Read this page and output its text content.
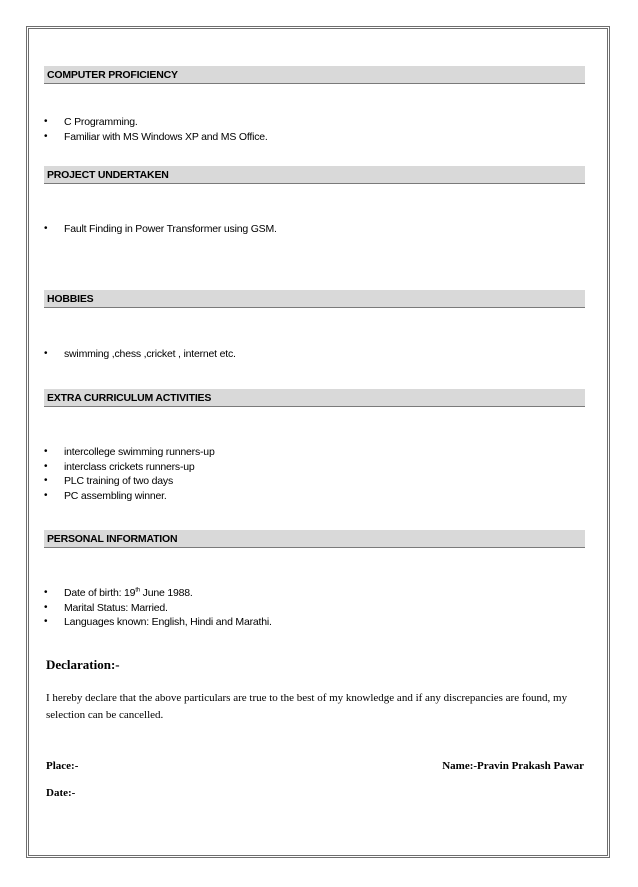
COMPUTER PROFICIENCY
• C Programming.
• Familiar with MS Windows XP and MS Office.
PROJECT UNDERTAKEN
• Fault Finding in Power Transformer using GSM.
HOBBIES
• swimming ,chess ,cricket , internet etc.
EXTRA CURRICULUM ACTIVITIES
• intercollege swimming runners-up
• interclass crickets runners-up
• PLC training of two days
• PC assembling winner.
PERSONAL INFORMATION
• Date of birth: 19th June 1988.
• Marital Status: Married.
• Languages known: English, Hindi and Marathi.
Declaration:-
I hereby declare that the above particulars are true to the best of my knowledge and if any discrepancies are found, my selection can be cancelled.
Place:-	Name:-Pravin Prakash Pawar
Date:-
